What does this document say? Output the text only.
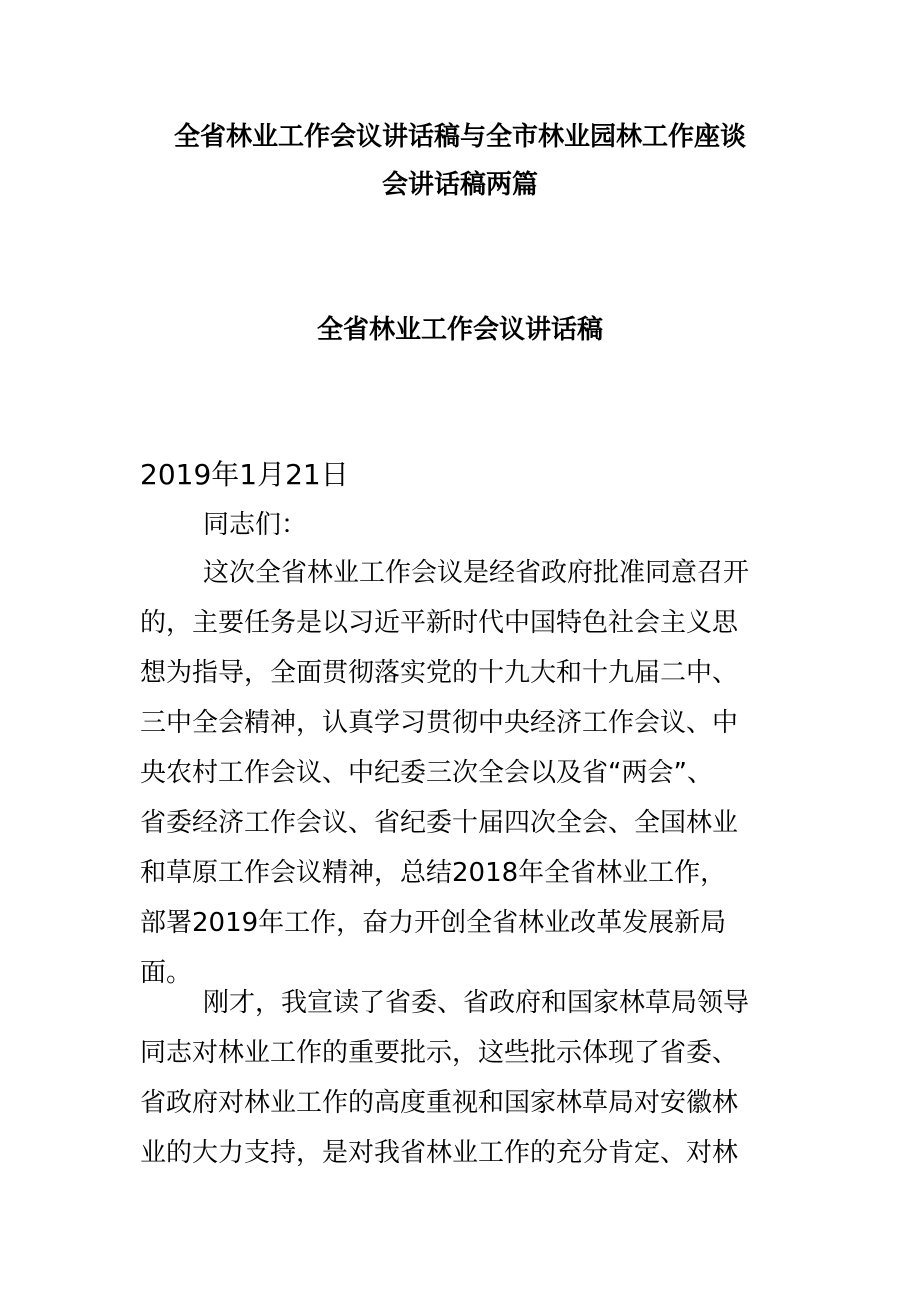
全省林业工作会议讲话稿与全市林业园林工作座谈
会讲话稿两篇
全省林业工作会议讲话稿
2019年1月21日
同志们：
这次全省林业工作会议是经省政府批准同意召开
的，主要任务是以习近平新时代中国特色社会主义思
想为指导，全面贯彻落实党的十九大和十九届二中、
三中全会精神，认真学习贯彻中央经济工作会议、中
央农村工作会议、中纪委三次全会以及省“两会”、
省委经济工作会议、省纪委十届四次全会、全国林业
和草原工作会议精神，总结2018年全省林业工作，
部署2019年工作，奋力开创全省林业改革发展新局
面。
刚才，我宣读了省委、省政府和国家林草局领导
同志对林业工作的重要批示，这些批示体现了省委、
省政府对林业工作的高度重视和国家林草局对安徽林
业的大力支持，是对我省林业工作的充分肯定、对林
